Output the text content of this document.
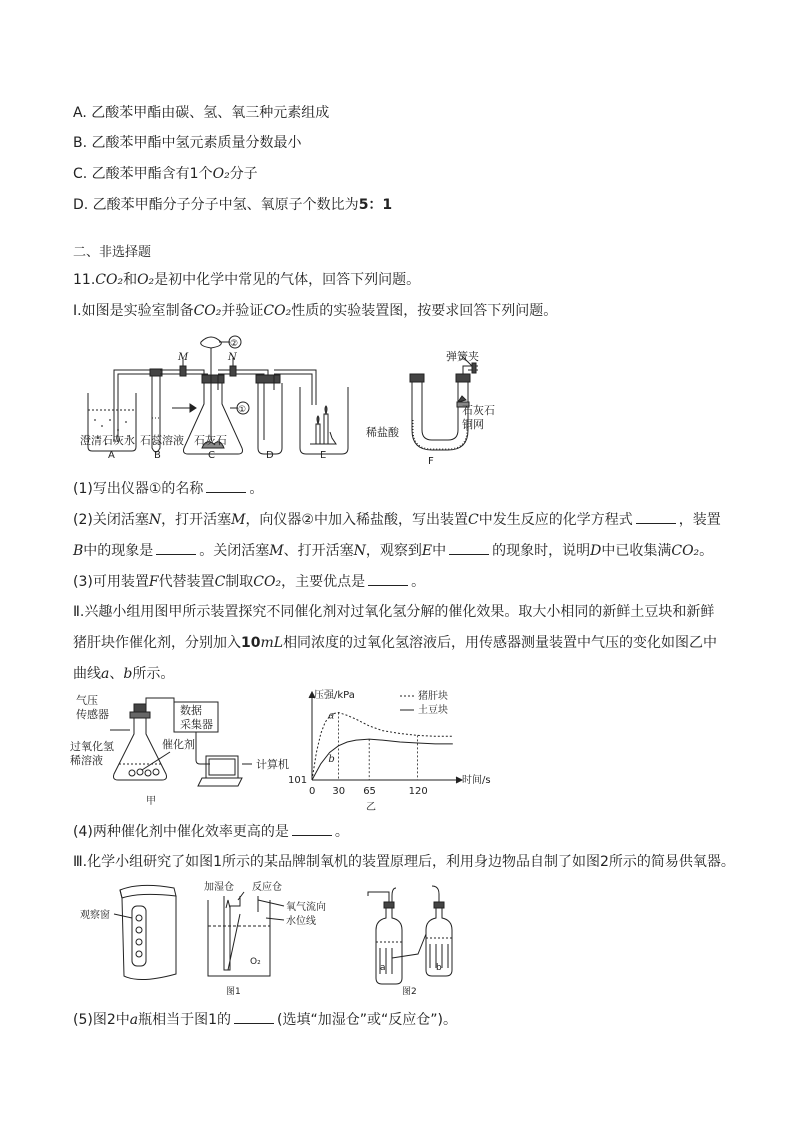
A. 乙酸苯甲酯由碳、氢、氧三种元素组成
B. 乙酸苯甲酯中氢元素质量分数最小
C. 乙酸苯甲酯含有1个O₂分子
D. 乙酸苯甲酯分子分子中氢、氧原子个数比为5：1
二、非选择题
11.CO₂和O₂是初中化学中常见的气体，回答下列问题。
Ⅰ.如图是实验室制备CO₂并验证CO₂性质的实验装置图，按要求回答下列问题。
M	N
②
①
澄清石灰水 石蕊溶液 石灰石
A	B	C	D	E
弹簧夹
石灰石
铜网
稀盐酸
F
(1)写出仪器①的名称	。
(2)关闭活塞N，打开活塞M，向仪器②中加入稀盐酸，写出装置C中发生反应的化学方程式	，装置
B中的现象是	。关闭活塞M、打开活塞N，观察到E中	的现象时，说明D中已收集满CO₂。
(3)可用装置F代替装置C制取CO₂，主要优点是	。
Ⅱ.兴趣小组用图甲所示装置探究不同催化剂对过氧化氢分解的催化效果。取大小相同的新鲜土豆块和新鲜
猪肝块作催化剂，分别加入10mL相同浓度的过氧化氢溶液后，用传感器测量装置中气压的变化如图乙中
曲线a、b所示。
气压
传感器	数据
采集器
过氧化氢
稀溶液
催化剂
计算机
甲
a
b
0 30 65	120
压强/kPa
时间/s
101
猪肝块
土豆块
乙
(4)两种催化剂中催化效率更高的是	。
Ⅲ.化学小组研究了如图1所示的某品牌制氧机的装置原理后，利用身边物品自制了如图2所示的简易供氧器。
观察窗
加湿仓 反应仓
氧气流向
水位线
O₂
图1	图2
a	b
(5)图2中a瓶相当于图1的	(选填“加湿仓”或“反应仓”)。
